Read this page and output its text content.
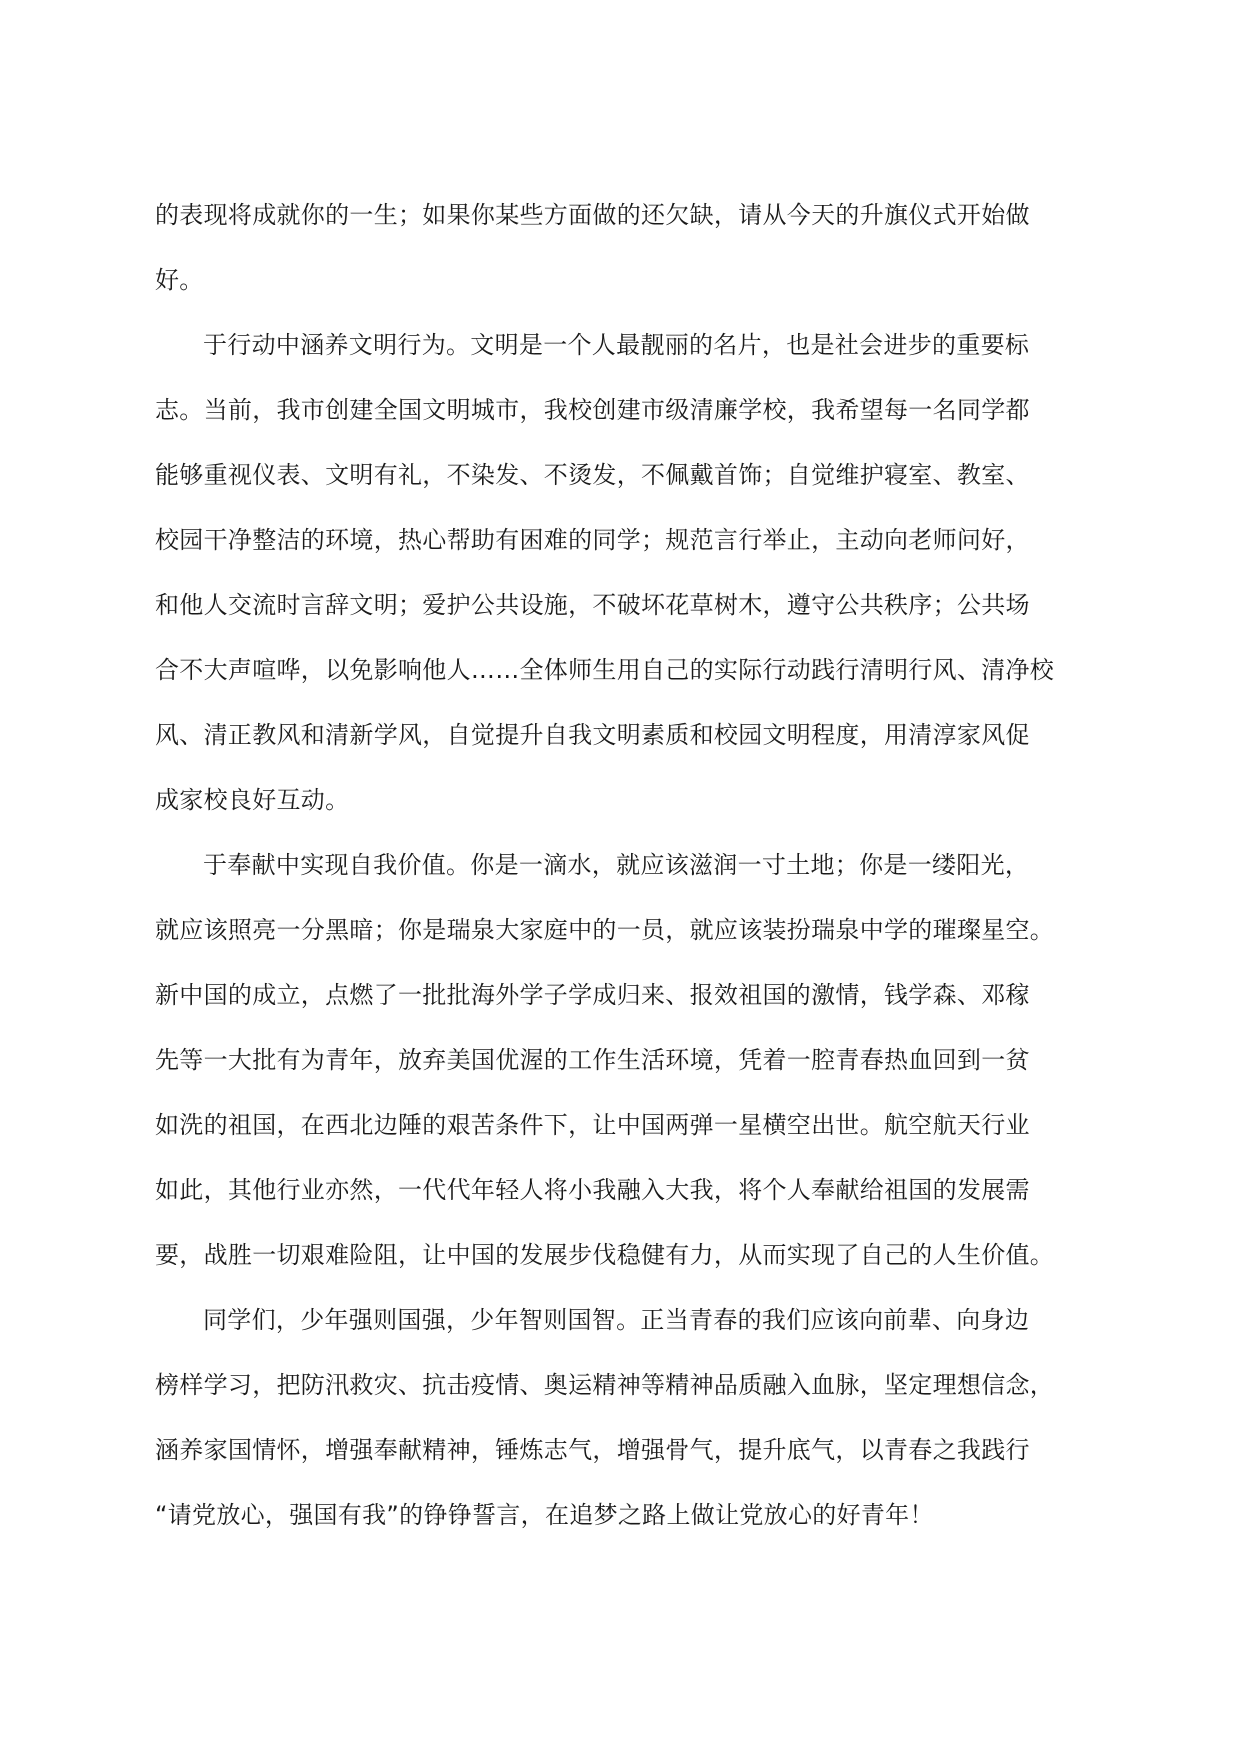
的表现将成就你的一生；如果你某些方面做的还欠缺，请从今天的升旗仪式开始做
好。
于行动中涵养文明行为。文明是一个人最靓丽的名片，也是社会进步的重要标
志。当前，我市创建全国文明城市，我校创建市级清廉学校，我希望每一名同学都
能够重视仪表、文明有礼，不染发、不烫发，不佩戴首饰；自觉维护寝室、教室、
校园干净整洁的环境，热心帮助有困难的同学；规范言行举止，主动向老师问好，
和他人交流时言辞文明；爱护公共设施，不破坏花草树木，遵守公共秩序；公共场
合不大声喧哗，以免影响他人……全体师生用自己的实际行动践行清明行风、清净校
风、清正教风和清新学风，自觉提升自我文明素质和校园文明程度，用清淳家风促
成家校良好互动。
于奉献中实现自我价值。你是一滴水，就应该滋润一寸土地；你是一缕阳光，
就应该照亮一分黑暗；你是瑞泉大家庭中的一员，就应该装扮瑞泉中学的璀璨星空。
新中国的成立，点燃了一批批海外学子学成归来、报效祖国的激情，钱学森、邓稼
先等一大批有为青年，放弃美国优渥的工作生活环境，凭着一腔青春热血回到一贫
如洗的祖国，在西北边陲的艰苦条件下，让中国两弹一星横空出世。航空航天行业
如此，其他行业亦然，一代代年轻人将小我融入大我，将个人奉献给祖国的发展需
要，战胜一切艰难险阻，让中国的发展步伐稳健有力，从而实现了自己的人生价值。
同学们，少年强则国强，少年智则国智。正当青春的我们应该向前辈、向身边
榜样学习，把防汛救灾、抗击疫情、奥运精神等精神品质融入血脉，坚定理想信念，
涵养家国情怀，增强奉献精神，锤炼志气，增强骨气，提升底气，以青春之我践行
“请党放心，强国有我”的铮铮誓言，在追梦之路上做让党放心的好青年！
